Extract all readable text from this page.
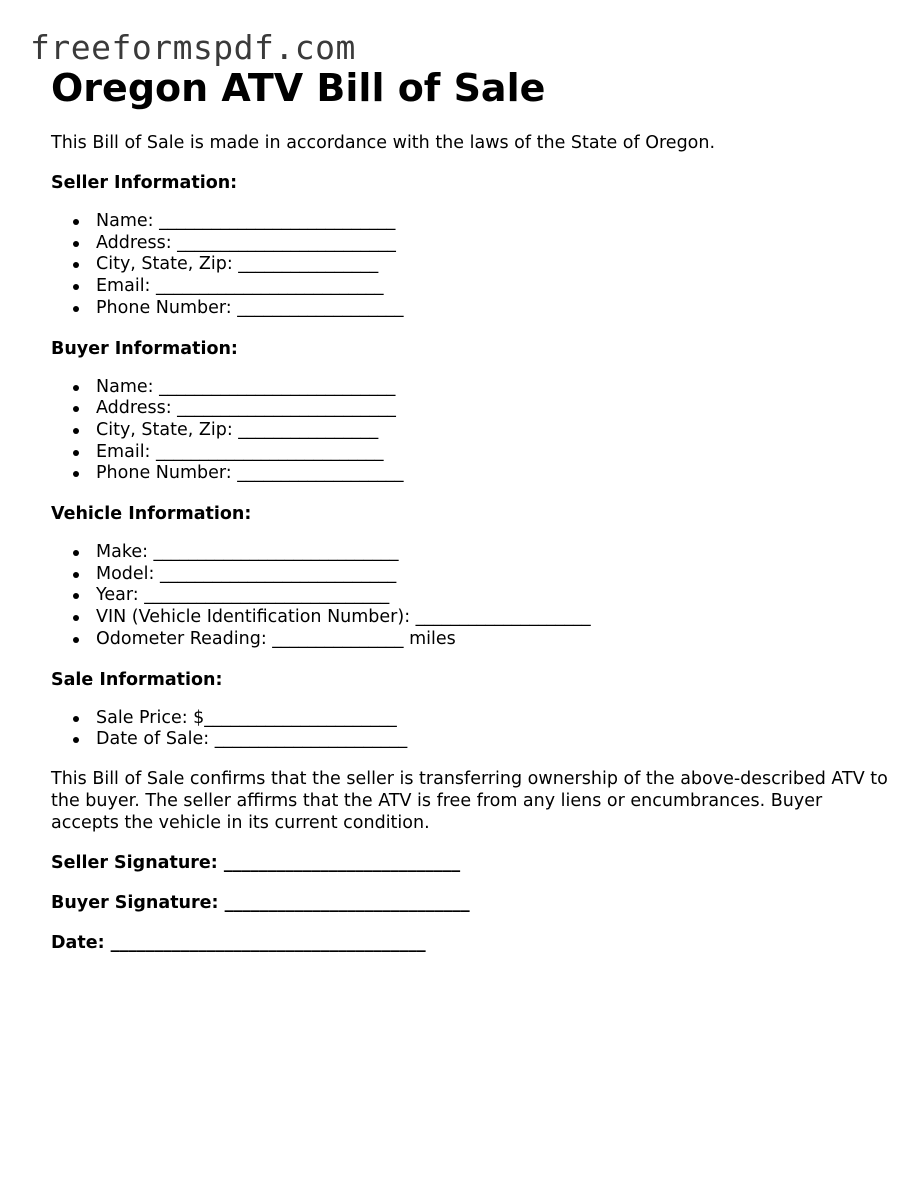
freeformspdf.com
Oregon ATV Bill of Sale

This Bill of Sale is made in accordance with the laws of the State of Oregon.

Seller Information:

Name: ___________________________
Address: _________________________
City, State, Zip: ________________
Email: __________________________
Phone Number: ___________________

Buyer Information:

Name: ___________________________
Address: _________________________
City, State, Zip: ________________
Email: __________________________
Phone Number: ___________________

Vehicle Information:

Make: ____________________________
Model: ___________________________
Year: ____________________________
VIN (Vehicle Identification Number): ____________________
Odometer Reading: _______________ miles

Sale Information:

Sale Price: $______________________
Date of Sale: ______________________

This Bill of Sale confirms that the seller is transferring ownership of the above-described ATV to the buyer. The seller affirms that the ATV is free from any liens or encumbrances. Buyer accepts the vehicle in its current condition.

Seller Signature: ___________________________

Buyer Signature: ____________________________

Date: ____________________________________
